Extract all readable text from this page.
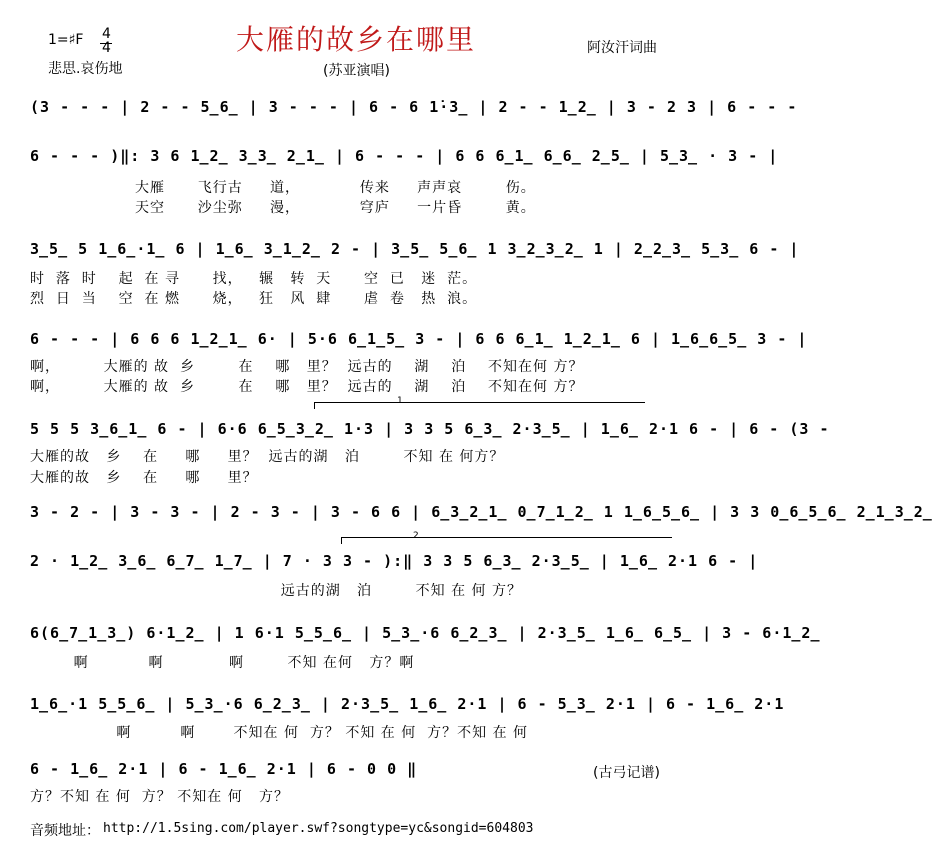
大雁的故乡在哪里
1=♯F 4
4
悲思.哀伤地
阿汝汗词曲
(苏亚演唱)
(3 - - - | 2 - - 5̲6̲ | 3 - - - | 6 - 6 1̇·3̲ | 2 - - 1̲2̲ | 3 - 2 3 | 6 - - -
6 - - - )‖: 3 6 1̲2̲ 3̲3̲ 2̲1̲ | 6 - - - | 6 6 6̲1̲ 6̲6̲ 2̲5̲ | 5̲3̲ · 3 - |
大雁      飞行古     道，           传来     声声哀        伤。
天空      沙尘弥     漫，           穹庐     一片昏        黄。
3̲5̲ 5 1̲6̲·1̲ 6 | 1̲6̲ 3̲1̲2̲ 2 - | 3̲5̲ 5̲6̲ 1 3̲2̲3̲2̲ 1 | 2̲2̲3̲ 5̲3̲ 6 - |
时  落  时    起  在 寻      找，   辗   转  天      空  已   迷  茫。
烈  日  当    空  在 燃      烧，   狂   风  肆      虐  卷   热  浪。
6 - - - | 6 6 6 1̲2̲1̲ 6· | 5·6 6̲1̲5̲ 3 - | 6 6 6̲1̲ 1̲2̲1̲ 6 | 1̲6̲6̲5̲ 3 - |
啊，        大雁的 故  乡        在    哪   里？  远古的    湖    泊    不知在何 方？
啊，        大雁的 故  乡        在    哪   里？  远古的    湖    泊    不知在何 方？
1
5 5 5 3̲6̲1̲ 6 - | 6·6 6̲5̲3̲2̲ 1·3 | 3 3 5 6̲3̲ 2·3̲5̲ | 1̲6̲ 2·1 6 - | 6 - (3 -
大雁的故   乡    在     哪     里？  远古的湖   泊        不知 在 何方？
大雁的故   乡    在     哪     里？
3 - 2 - | 3 - 3 - | 2 - 3 - | 3 - 6 6 | 6̲3̲2̲1̲ 0̲7̲1̲2̲ 1 1̲6̲5̲6̲ | 3 3 0̲6̲5̲6̲ 2̲1̲3̲2̲
2
2 · 1̲2̲ 3̲6̲ 6̲7̲ 1̲7̲ | 7 · 3 3 - ):‖ 3 3 5 6̲3̲ 2·3̲5̲ | 1̲6̲ 2·1 6 - |
远古的湖   泊        不知 在 何 方？
6(6̲7̲1̲3̲) 6·1̲2̲ | 1 6·1 5̲5̲6̲ | 5̲3̲·6 6̲2̲3̲ | 2·3̲5̲ 1̲6̲ 6̲5̲ | 3 - 6·1̲2̲
啊           啊            啊        不知 在何   方？啊
1̲6̲·1 5̲5̲6̲ | 5̲3̲·6 6̲2̲3̲ | 2·3̲5̲ 1̲6̲ 2·1 | 6 - 5̲3̲ 2·1 | 6 - 1̲6̲ 2·1
啊         啊       不知在 何  方？ 不知 在 何  方？不知 在 何
6 - 1̲6̲ 2·1 | 6 - 1̲6̲ 2·1 | 6 - 0 0 ‖
方？不知 在 何  方？ 不知在 何   方？
(古弓记谱)
音频地址： http://1.5sing.com/player.swf?songtype=yc&songid=604803
